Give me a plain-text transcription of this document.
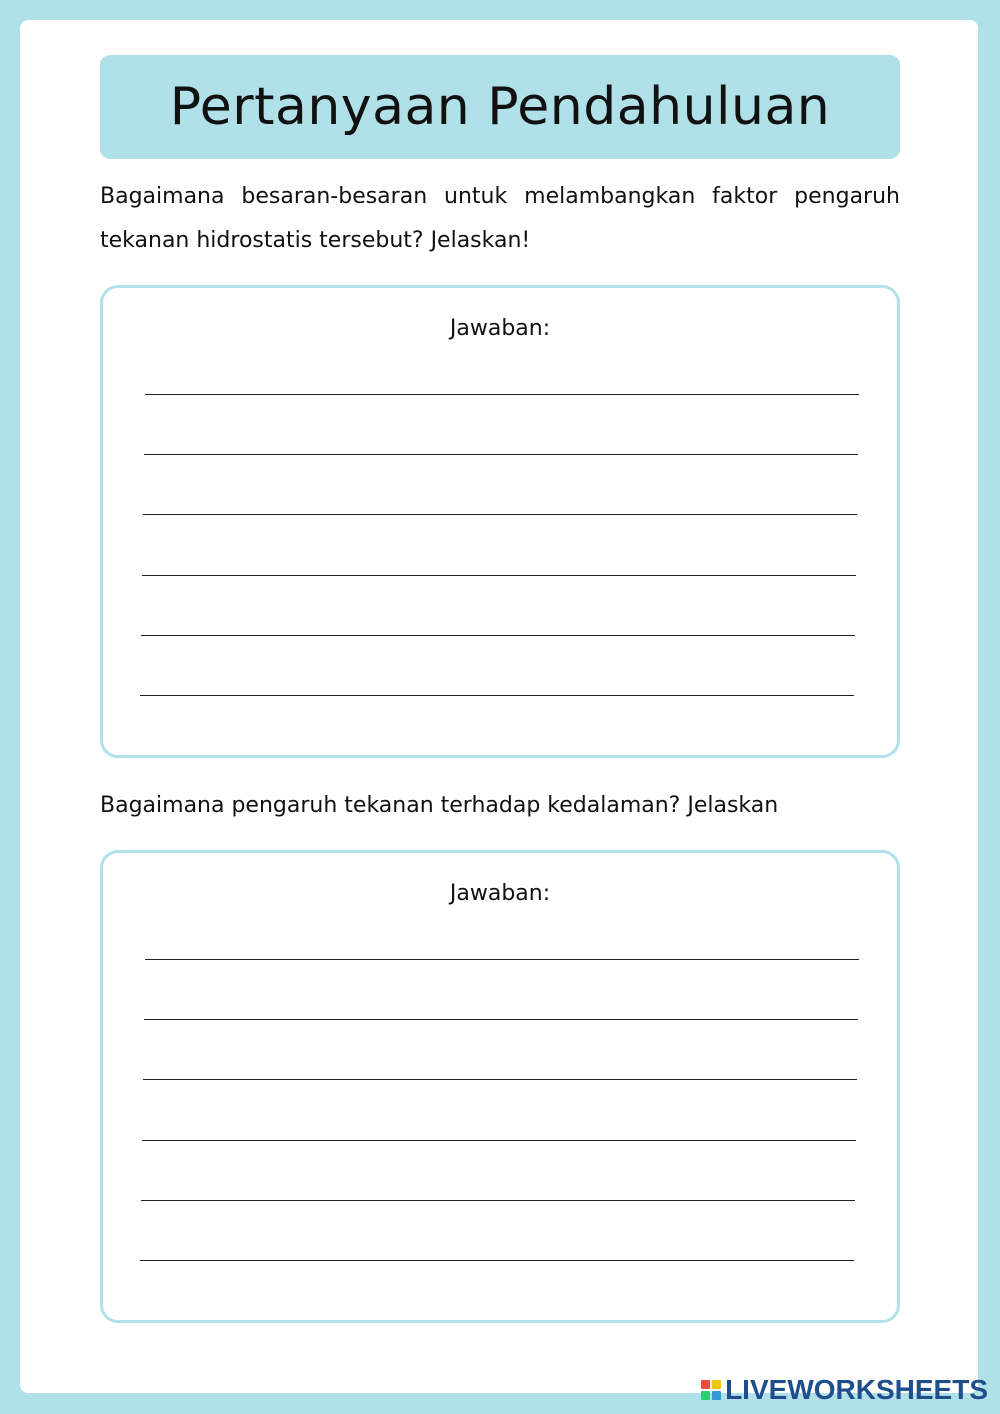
Pertanyaan Pendahuluan

Bagaimana besaran-besaran untuk melambangkan faktor pengaruh tekanan hidrostatis tersebut? Jelaskan!

Jawaban:

Bagaimana pengaruh tekanan terhadap kedalaman? Jelaskan

Jawaban:
LIVEWORKSHEETS
